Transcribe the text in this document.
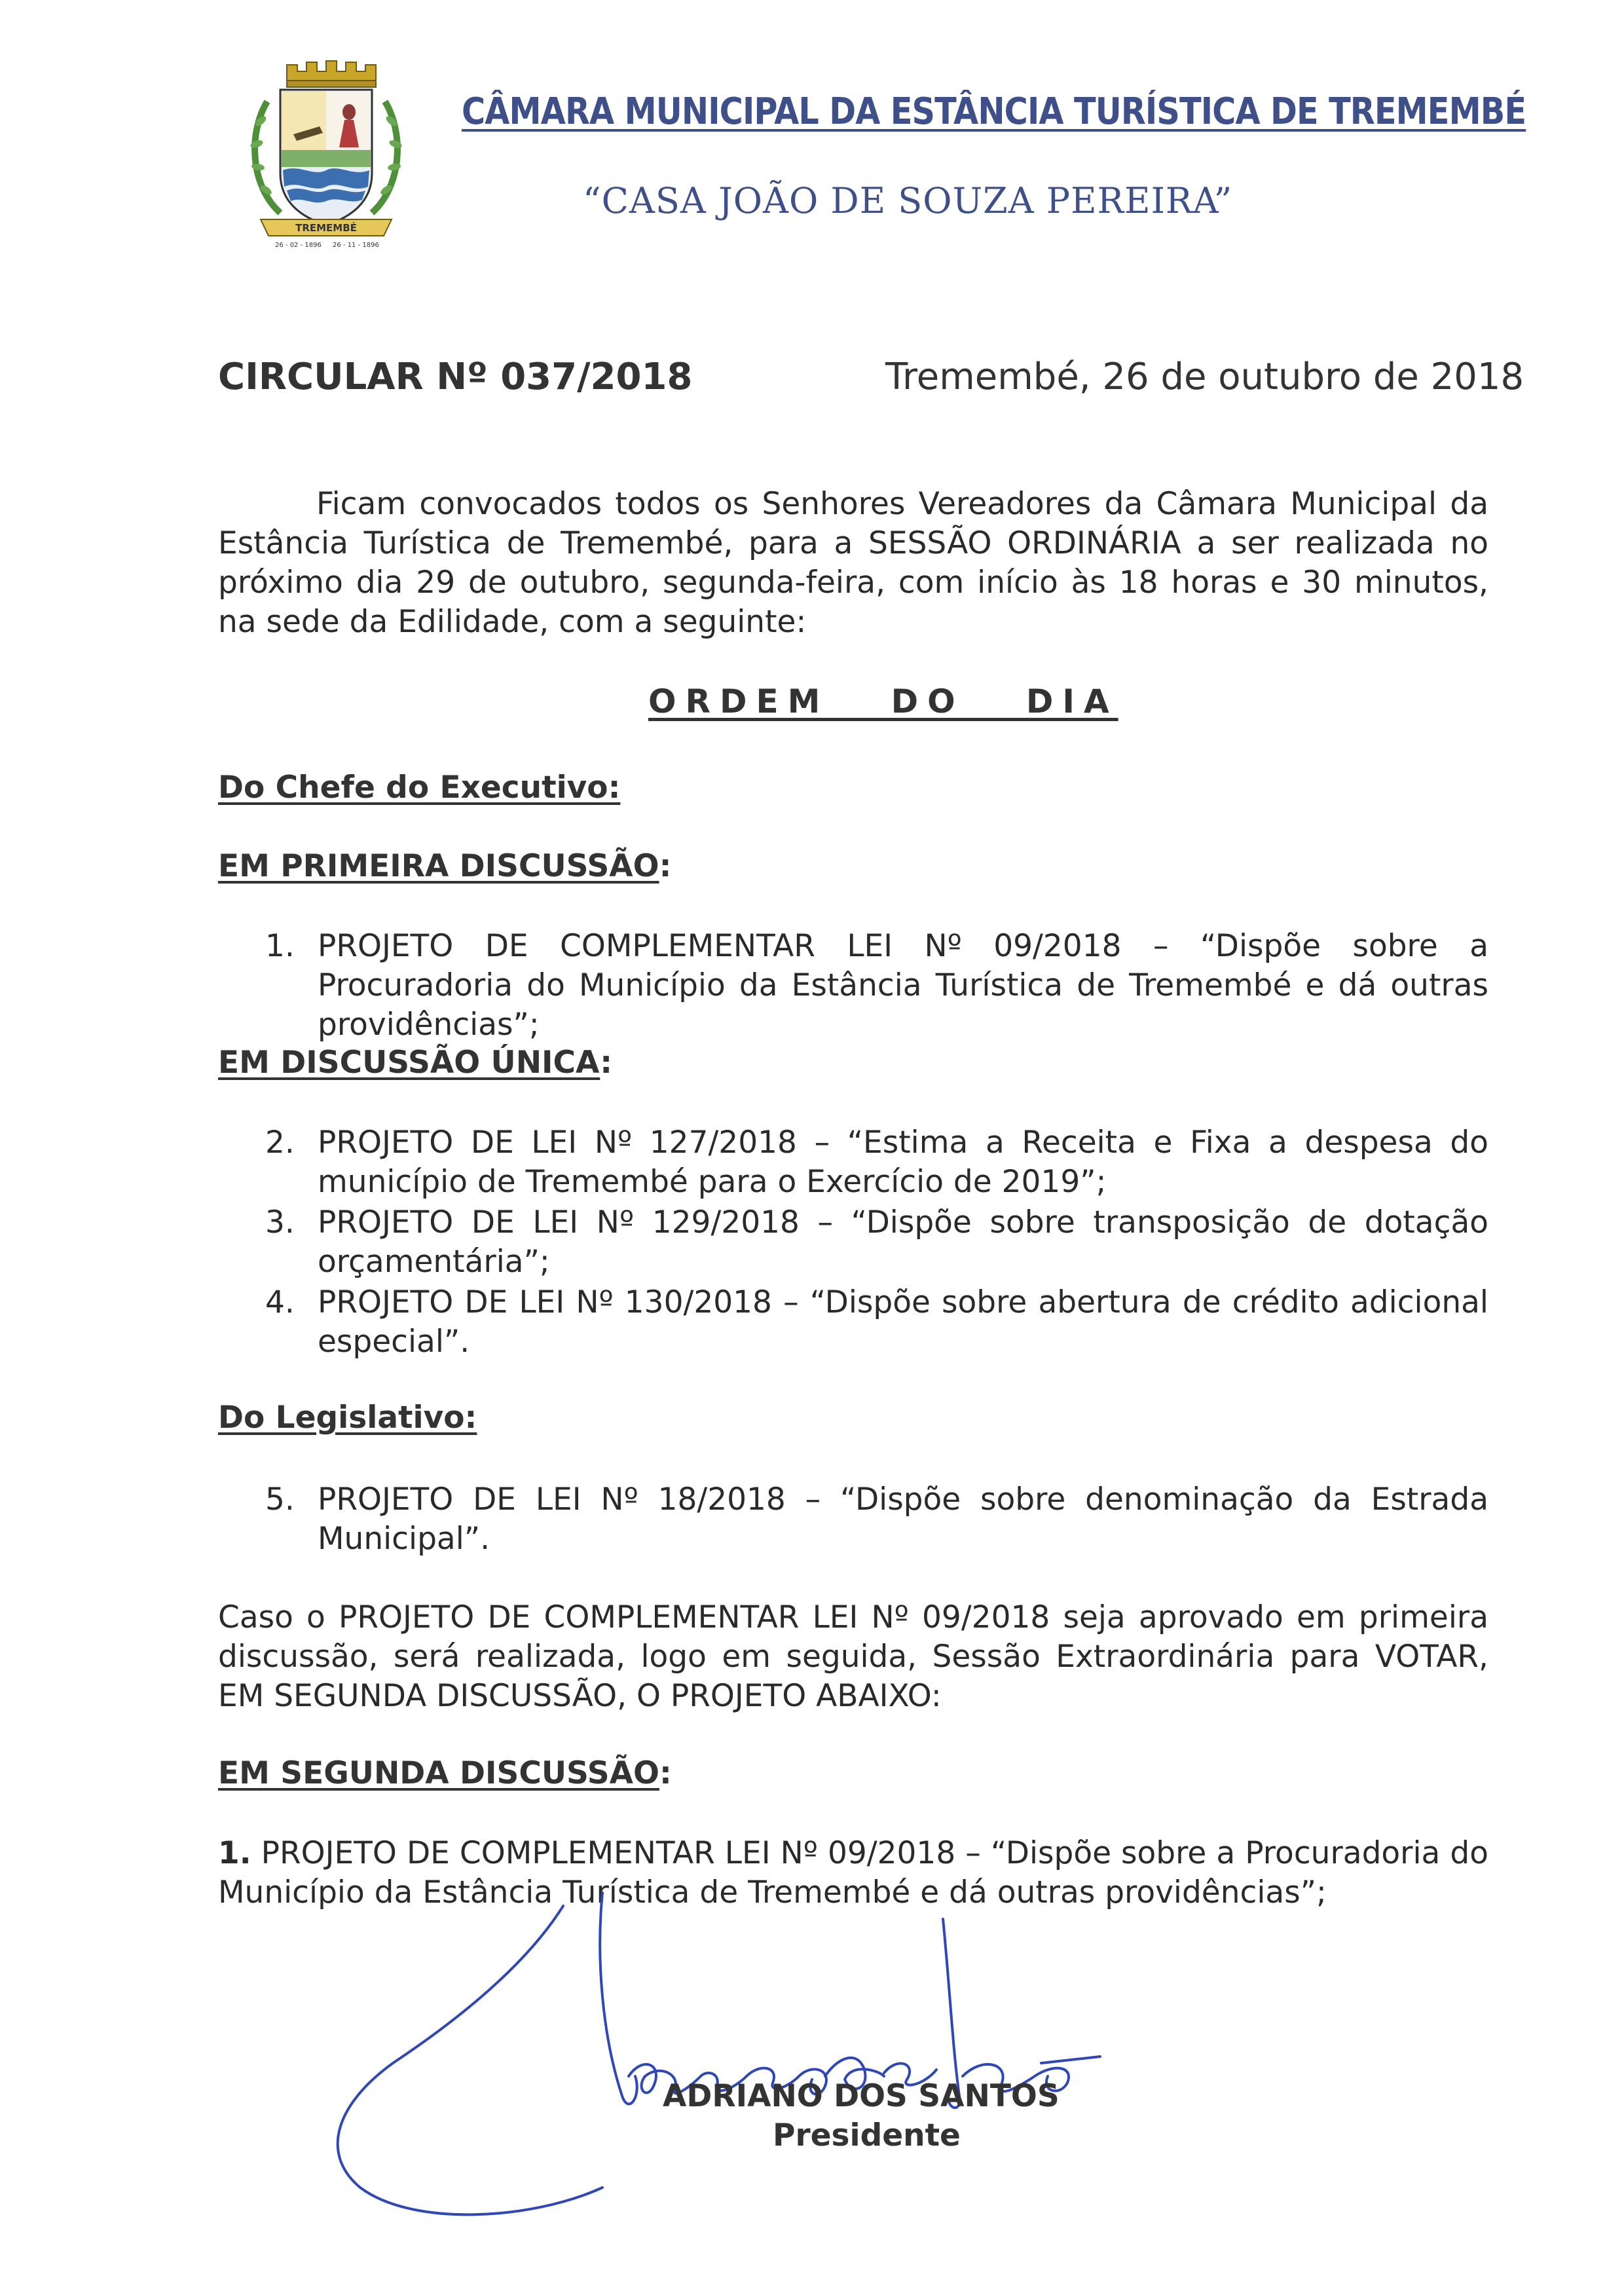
TREMEMBÉ
26 - 02 - 1896 26 - 11 - 1896
CÂMARA MUNICIPAL DA ESTÂNCIA TURÍSTICA DE TREMEMBÉ
“CASA JOÃO DE SOUZA PEREIRA”
CIRCULAR Nº 037/2018	Tremembé, 26 de outubro de 2018
Ficam convocados todos os Senhores Vereadores da Câmara Municipal da Estância Turística de Tremembé, para a SESSÃO ORDINÁRIA a ser realizada no próximo dia 29 de outubro, segunda-feira, com início às 18 horas e 30 minutos, na sede da Edilidade, com a seguinte:
ORDEM   DO   DIA
Do Chefe do Executivo:
EM PRIMEIRA DISCUSSÃO:
1. PROJETO DE COMPLEMENTAR LEI Nº 09/2018 – “Dispõe sobre a Procuradoria do Município da Estância Turística de Tremembé e dá outras providências”;
EM DISCUSSÃO ÚNICA:
2. PROJETO DE LEI Nº 127/2018 – “Estima a Receita e Fixa a despesa do município de Tremembé para o Exercício de 2019”;
3. PROJETO DE LEI Nº 129/2018 – “Dispõe sobre transposição de dotação orçamentária”;
4. PROJETO DE LEI Nº 130/2018 – “Dispõe sobre abertura de crédito adicional especial”.
Do Legislativo:
5. PROJETO DE LEI Nº 18/2018 – “Dispõe sobre denominação da Estrada Municipal”.
Caso o PROJETO DE COMPLEMENTAR LEI Nº 09/2018 seja aprovado em primeira discussão, será realizada, logo em seguida, Sessão Extraordinária para VOTAR, EM SEGUNDA DISCUSSÃO, O PROJETO ABAIXO:
EM SEGUNDA DISCUSSÃO:
1. PROJETO DE COMPLEMENTAR LEI Nº 09/2018 – “Dispõe sobre a Procuradoria do Município da Estância Turística de Tremembé e dá outras providências”;
ADRIANO DOS SANTOS
Presidente
